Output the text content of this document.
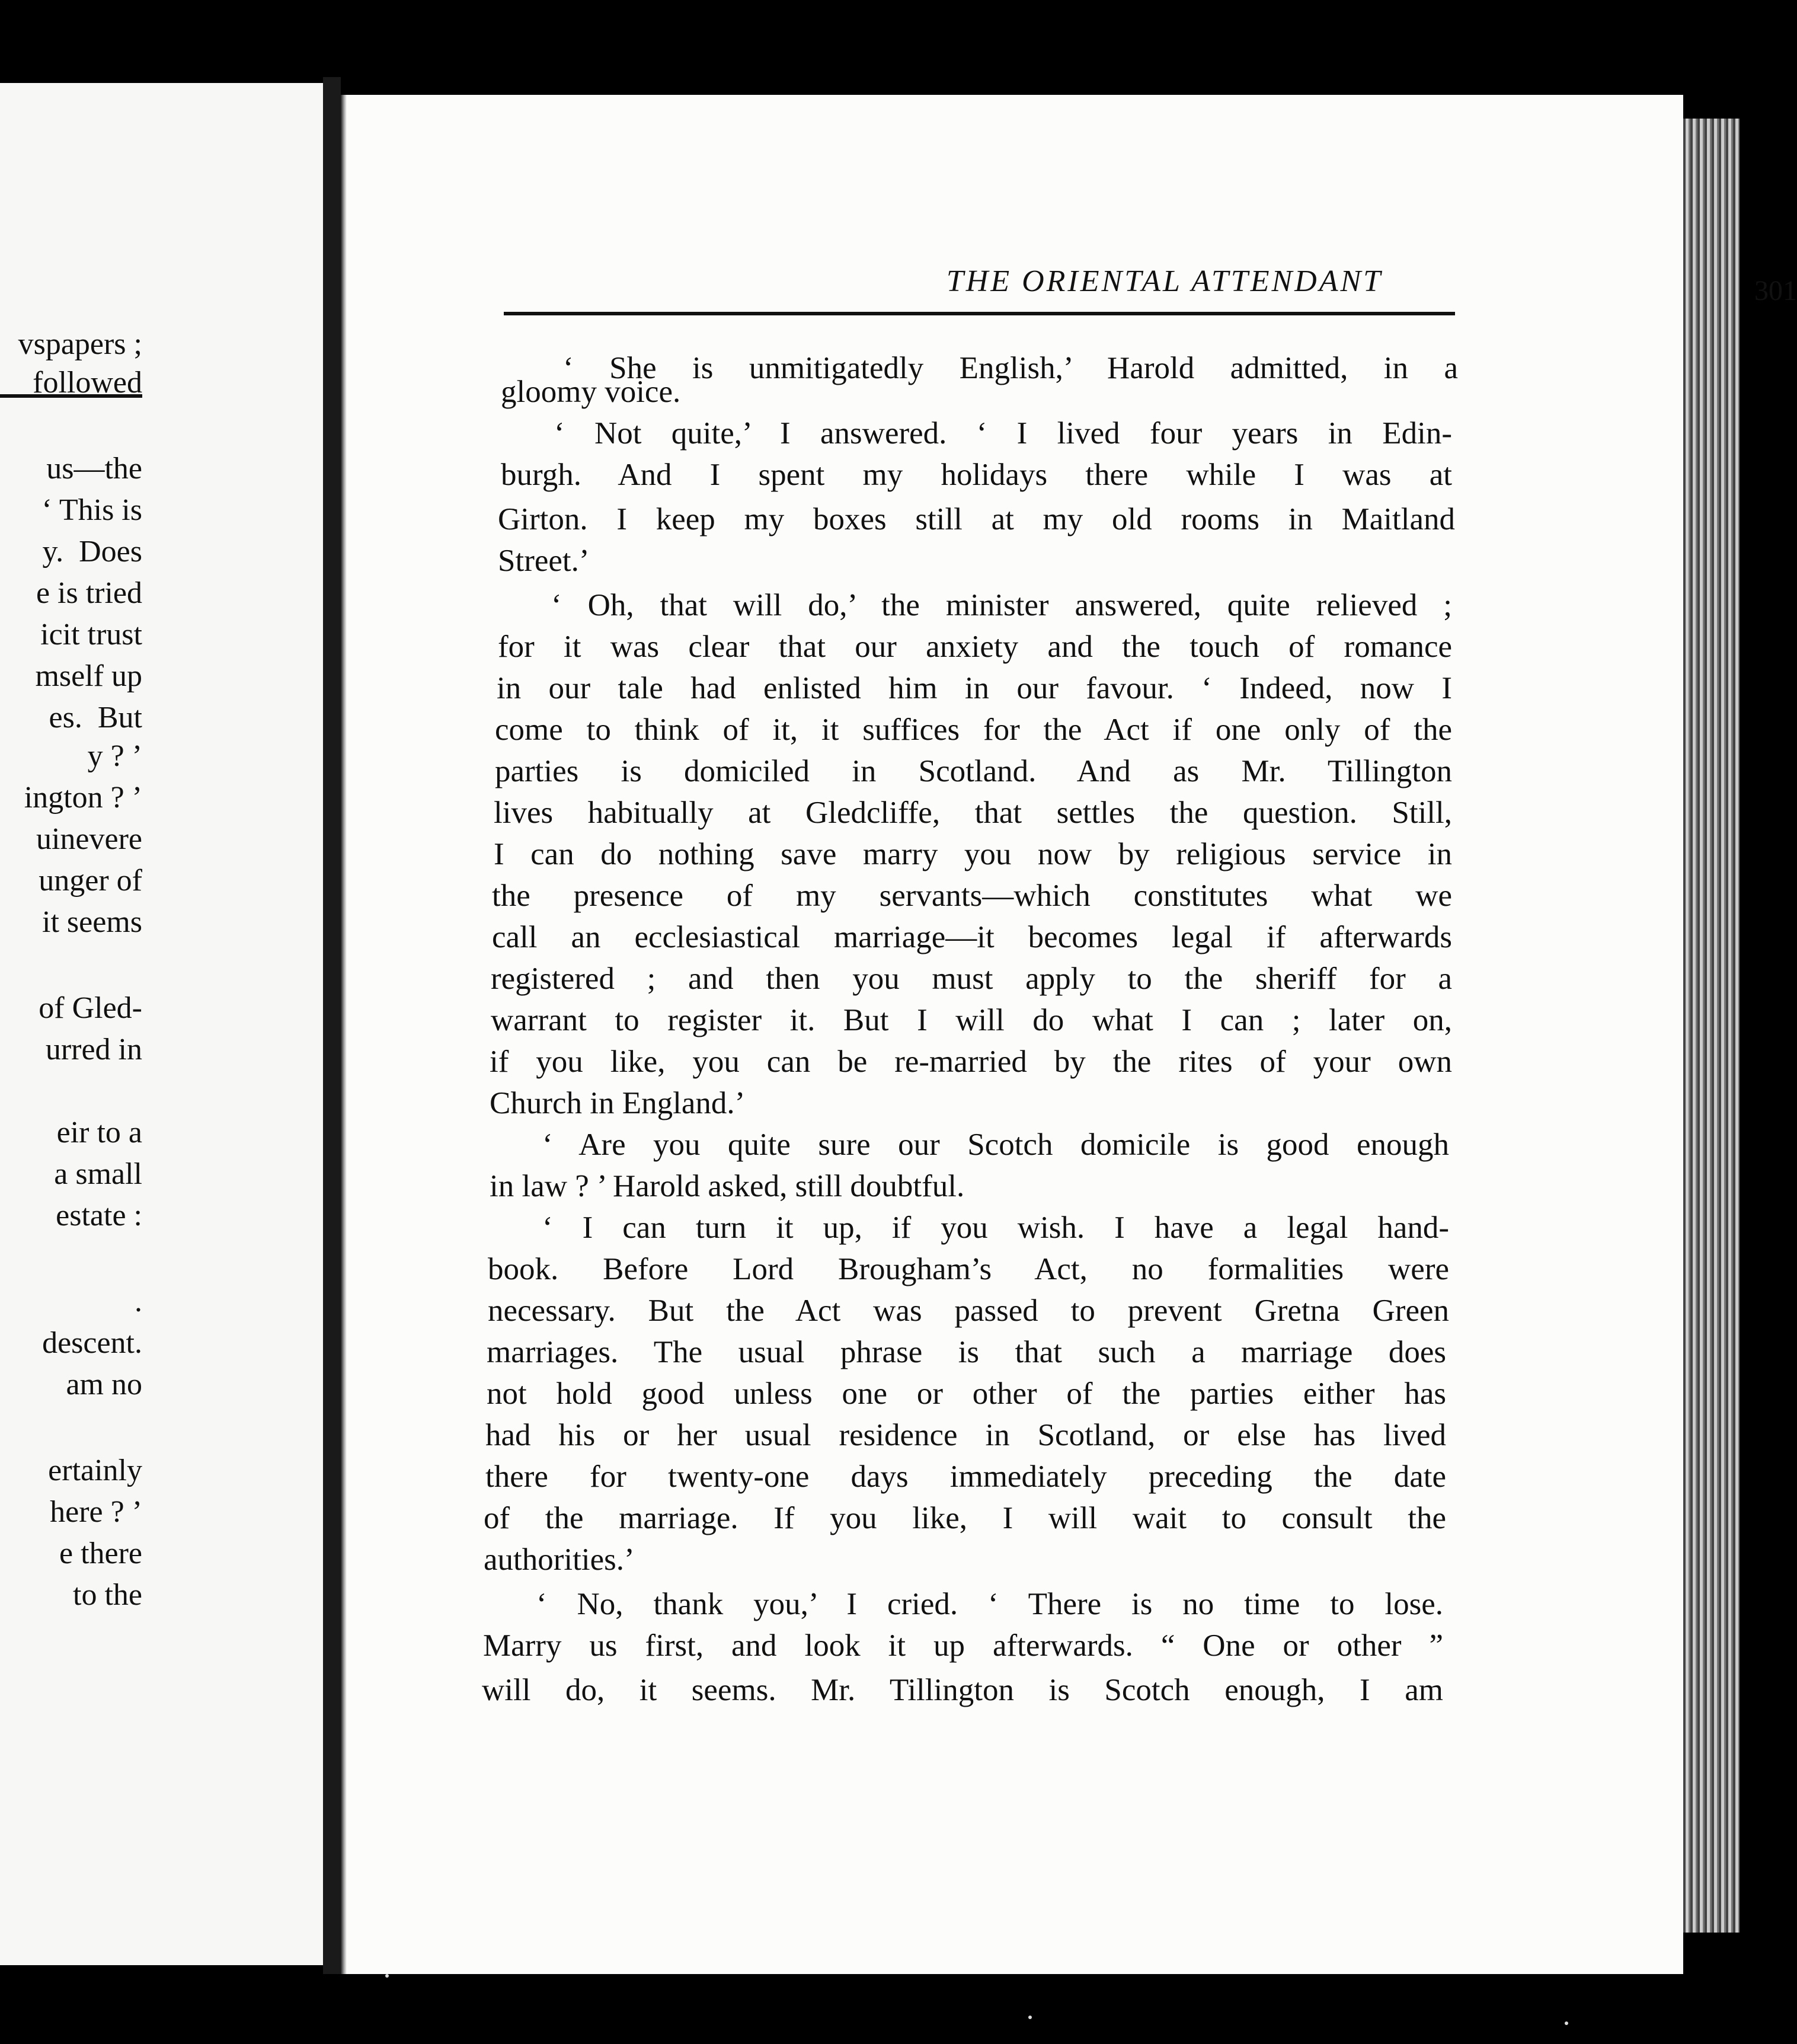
vspapers ;
followed
us—the
‘ This is
y.  Does
e is tried
icit trust
mself up
es.  But
y ? ’
ington ? ’
uinevere
unger of
it seems
of Gled-
urred in
eir to a
a small
estate :
.
descent.
am no
ertainly
here ? ’
e there
to the
THE ORIENTAL ATTENDANT	301
‘ She is unmitigatedly English,’ Harold admitted, in a
gloomy voice.
‘ Not quite,’ I answered. ‘ I lived four years in Edin-
burgh. And I spent my holidays there while I was at
Girton. I keep my boxes still at my old rooms in Maitland
Street.’
‘ Oh, that will do,’ the minister answered, quite relieved ;
for it was clear that our anxiety and the touch of romance
in our tale had enlisted him in our favour. ‘ Indeed, now I
come to think of it, it suffices for the Act if one only of the
parties is domiciled in Scotland. And as Mr. Tillington
lives habitually at Gledcliffe, that settles the question. Still,
I can do nothing save marry you now by religious service in
the presence of my servants—which constitutes what we
call an ecclesiastical marriage—it becomes legal if afterwards
registered ; and then you must apply to the sheriff for a
warrant to register it. But I will do what I can ; later on,
if you like, you can be re-married by the rites of your own
Church in England.’
‘ Are you quite sure our Scotch domicile is good enough
in law ? ’ Harold asked, still doubtful.
‘ I can turn it up, if you wish. I have a legal hand-
book. Before Lord Brougham’s Act, no formalities were
necessary. But the Act was passed to prevent Gretna Green
marriages. The usual phrase is that such a marriage does
not hold good unless one or other of the parties either has
had his or her usual residence in Scotland, or else has lived
there for twenty-one days immediately preceding the date
of the marriage. If you like, I will wait to consult the
authorities.’
‘ No, thank you,’ I cried. ‘ There is no time to lose.
Marry us first, and look it up afterwards. “ One or other ”
will do, it seems. Mr. Tillington is Scotch enough, I am
